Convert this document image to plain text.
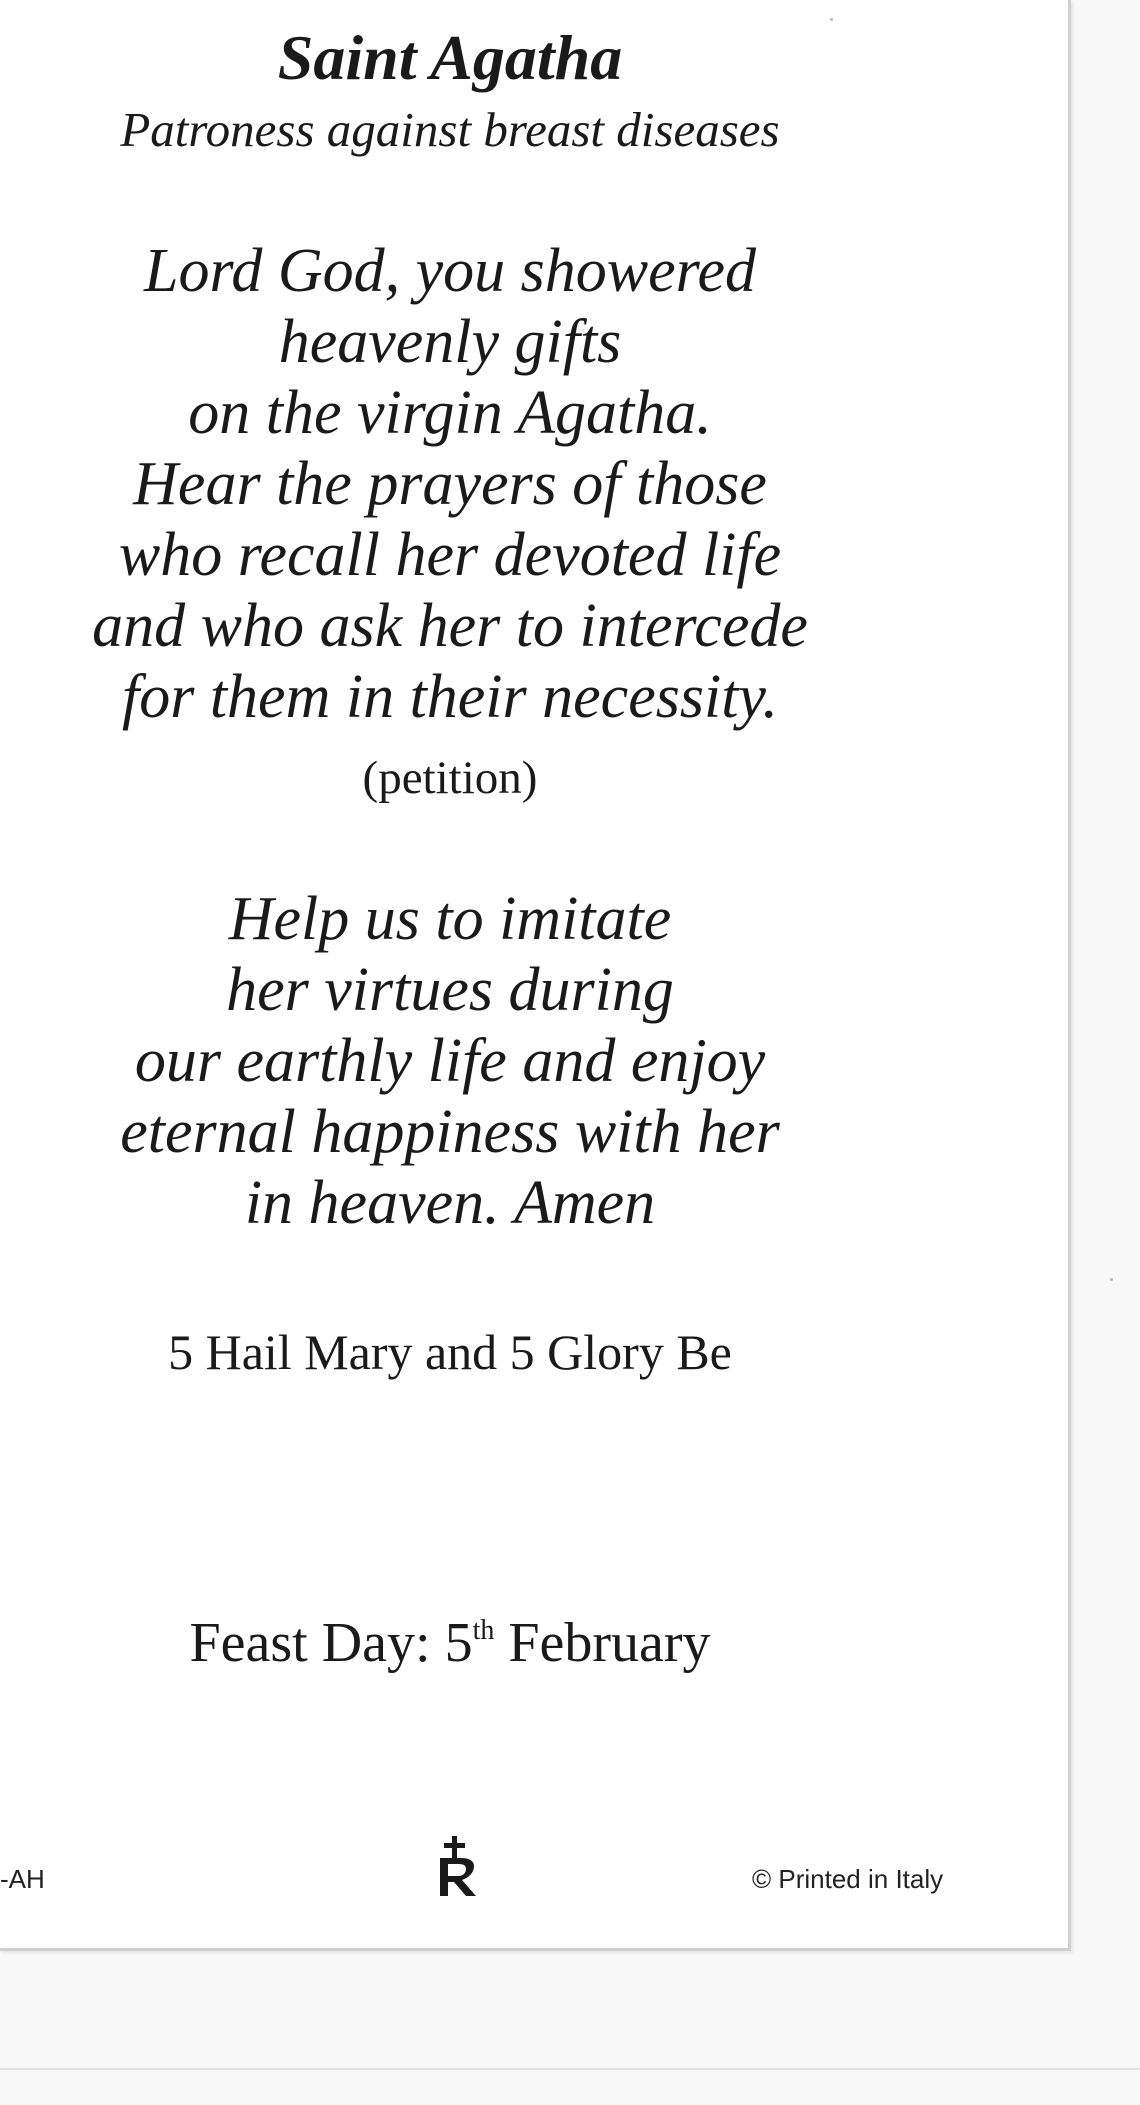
Saint Agatha
Patroness against breast diseases
Lord God, you showered
heavenly gifts
on the virgin Agatha.
Hear the prayers of those
who recall her devoted life
and who ask her to intercede
for them in their necessity.
(petition)
Help us to imitate
her virtues during
our earthly life and enjoy
eternal happiness with her
in heaven. Amen
5 Hail Mary and 5 Glory Be
Feast Day: 5th February
-AH	© Printed in Italy
